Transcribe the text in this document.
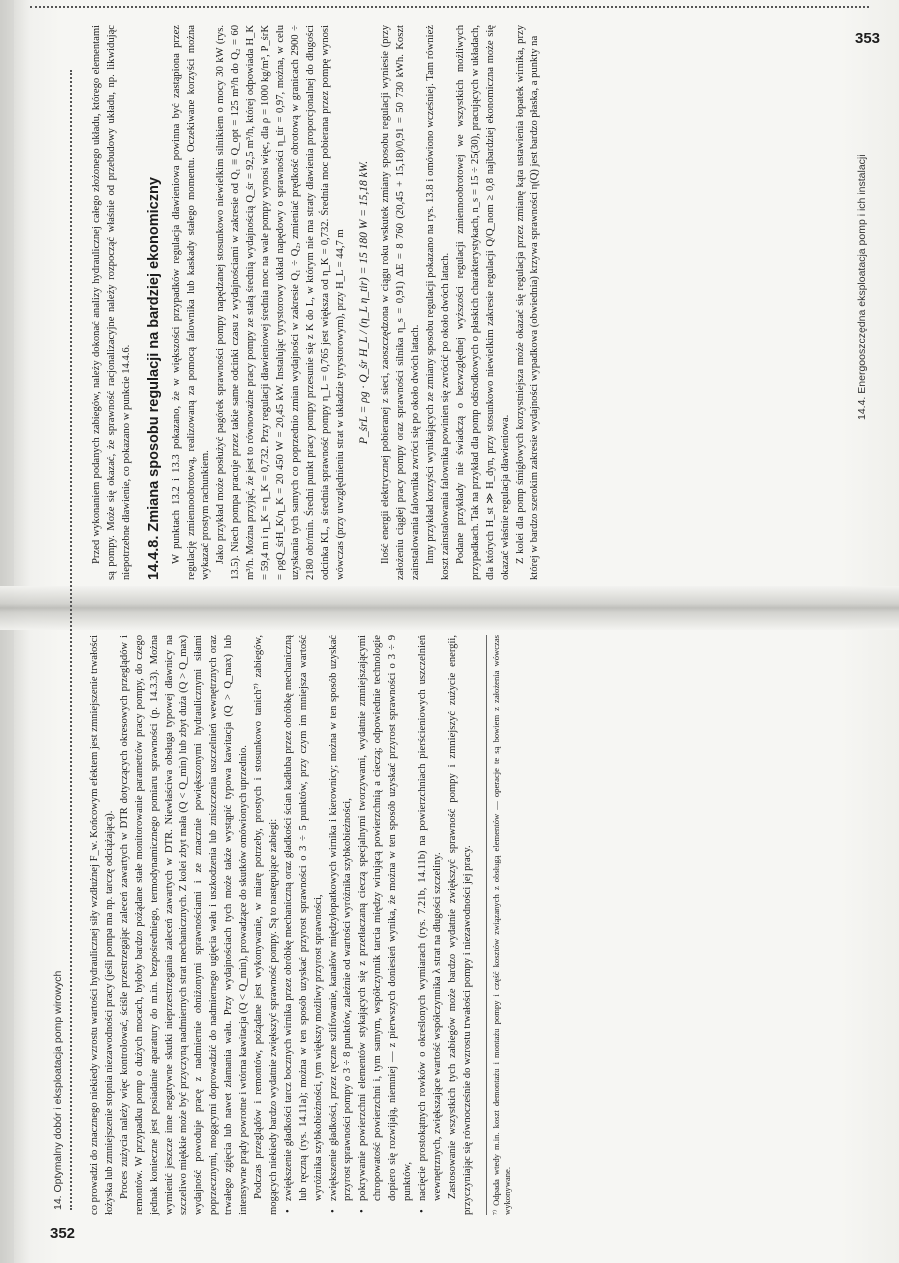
352
14. Optymalny dobór i eksploatacja pomp wirowych co prowadzi do znacznego niekiedy wzrostu wartości hydraulicznej siły wzdłużnej F_w. Końcowym efektem jest zmniejszenie trwałości łożyska lub zmniejszenie stopnia niezawodności pracy (jeśli pompa ma np. tarczę odciążającą). Proces zużycia należy więc kontrolować, ściśle przestrzegając zaleceń zawartych w DTR dotyczących okresowych przeglądów i remontów. W przypadku pomp o dużych mocach, byłoby bardzo pożądane stałe monitorowanie parametrów pracy pompy, do czego jednak konieczne jest posiadanie aparatury do m.in. bezpośredniego, termodynamicznego pomiaru sprawności (p. 14.3.3). Można wymienić jeszcze inne negatywne skutki nieprzestrzegania zaleceń zawartych w DTR. Niewłaściwa obsługa typowej dławnicy na szczeliwo miękkie może być przyczyną nadmiernych strat mechanicznych. Z kolei zbyt mała (Q < Q_min) lub zbyt duża (Q > Q_max) wydajność powoduje pracę z nadmiernie obniżonymi sprawnościami i ze znacznie powiększonymi hydraulicznymi siłami poprzecznymi, mogącymi doprowadzić do nadmiernego ugięcia wału i uszkodzenia lub zniszczenia uszczelnień wewnętrznych oraz trwałego zgięcia lub nawet złamania wału. Przy wydajnościach tych może także wystąpić typowa kawitacja (Q > Q_max) lub intensywne prądy powrotne i wtórna kawitacja (Q < Q_min), prowadzące do skutków omówionych uprzednio. Podczas przeglądów i remontów, pożądane jest wykonywanie, w miarę potrzeby, prostych i stosunkowo tanich⁷⁾ zabiegów, mogących niekiedy bardzo wydatnie zwiększyć sprawność pompy. Są to następujące zabiegi: • zwiększenie gładkości tarcz bocznych wirnika przez obróbkę mechaniczną oraz gładkości ścian kadłuba przez obróbkę mechaniczną lub ręczną (rys. 14.11a); można w ten sposób uzyskać przyrost sprawności o 3 ÷ 5 punktów, przy czym im mniejsza wartość wyróżnika szybkobieżności, tym większy możliwy przyrost sprawności, • zwiększenie gładkości, przez ręczne szlifowanie, kanałów międzyłopatkowych wirnika i kierownicy; można w ten sposób uzyskać przyrost sprawności pompy o 3 ÷ 8 punktów, zależnie od wartości wyróżnika szybkobieżności, • pokrywanie powierzchni elementów stykających się z przetłaczaną cieczą specjalnymi tworzywami, wydatnie zmniejszającymi chropowatość powierzchni i, tym samym, współczynnik tarcia między wirującą powierzchnią a cieczą; odpowiednie technologie dopiero się rozwijają, niemniej — z pierwszych doniesień wynika, że można w ten sposób uzyskać przyrost sprawności o 3 ÷ 9 punktów, • nacięcie prostokątnych rowków o określonych wymiarach (rys. 7.21b, 14.11b) na powierzchniach pierścieniowych uszczelnień wewnętrznych, zwiększające wartość współczynnika λ strat na długości szczeliny. Zastosowanie wszystkich tych zabiegów może bardzo wydatnie zwiększyć sprawność pompy i zmniejszyć zużycie energii, przyczyniając się równocześnie do wzrostu trwałości pompy i niezawodności jej pracy.	⁷⁾ Odpada wtedy m.in. koszt demontażu i montażu pompy i część kosztów związanych z obsługą elementów — operacje te są bowiem z założenia wówczas wykonywane.
353
14.4. Energooszczędna eksploatacja pomp i ich instalacji

Przed wykonaniem podanych zabiegów, należy dokonać analizy hydraulicznej całego złożonego układu, którego elementami są pompy. Może się okazać, że sprawność racjonalizacyjne należy rozpocząć właśnie od przebudowy układu, np. likwidując niepotrzebne dławienie, co pokazano w punkcie 14.4.6. 14.4.8. Zmiana sposobu regulacji na bardziej ekonomiczny W punktach 13.2 i 13.3 pokazano, że w większości przypadków regulacja dławieniowa powinna być zastąpiona przez regulację zmiennoobrotową, realizowaną za pomocą falownika lub kaskady stałego momentu. Oczekiwane korzyści można wykazać prostym rachunkiem. Jako przykład może posłużyć pagórek sprawności pompy napędzanej stosunkowo niewielkim silnikiem o mocy 30 kW (rys. 13.5). Niech pompa pracuje przez takie same odcinki czasu z wydajnościami w zakresie od Q₁ ≡ Q_opt = 125 m³/h do Q₂ = 60 m³/h. Można przyjąć, że jest to równoważne pracy pompy ze stałą średnią wydajnością Q_śr = 92,5 m³/h, której odpowiada H_K = 59,4 m i η_K = η_K = 0,732. Przy regulacji dławieniowej średnia moc na wale pompy wynosi więc, dla ρ = 1000 kg/m³, P_śrK = ρgQ_śrH_K/η_K = 20 450 W = 20,45 kW. Instalując tyrystorowy układ napędowy o sprawności η_tir = 0,97, można, w celu uzyskania tych samych co poprzednio zmian wydajności w zakresie Q₁ ÷ Q₂, zmieniać prędkość obrotową w granicach 2900 ÷ 2180 obr/min. Średni punkt pracy pompy przesunie się z K do L, w którym nie ma straty dławienia proporcjonalnej do długości odcinka KL, a średnia sprawność pompy η_L = 0,765 jest większa od η_K = 0,732. Średnia moc pobierana przez pompę wynosi wówczas (przy uwzględnieniu strat w układzie tyrystorowym), przy H_L = 44,7 m P_śrL = ρg · Q_śr H_L / (η_L η_tir) = 15 180 W = 15,18 kW. Ilość energii elektrycznej pobieranej z sieci, zaoszczędzona w ciągu roku wskutek zmiany sposobu regulacji wyniesie (przy założeniu ciągłej pracy pompy oraz sprawności silnika η_s = 0,91) ΔE = 8 760 (20,45 + 15,18)/0,91 = 50 730 kWh. Koszt zainstalowania falownika zwróci się po około dwóch latach. Inny przykład korzyści wynikających ze zmiany sposobu regulacji pokazano na rys. 13.8 i omówiono wcześniej. Tam również koszt zainstalowania falownika powinien się zwrócić po około dwóch latach. Podane przykłady nie świadczą o bezwzględnej wyższości regulacji zmiennoobrotowej we wszystkich możliwych przypadkach. Tak na przykład dla pomp odśrodkowych o płaskich charakterystykach, n_s = 15 ÷ 25(30), pracujących w układach, dla których H_st ≫ H_dyn, przy stosunkowo niewielkim zakresie regulacji Q/Q_nom ≥ 0,8 najbardziej ekonomiczna może się okazać właśnie regulacja dławieniowa. Z kolei dla pomp śmigłowych korzystniejsza może okazać się regulacja przez zmianę kąta ustawienia łopatek wirnika, przy której w bardzo szerokim zakresie wydajności wypadkowa (obwiednia) krzywa sprawności η(Q) jest bardzo płaska, a punkty na
